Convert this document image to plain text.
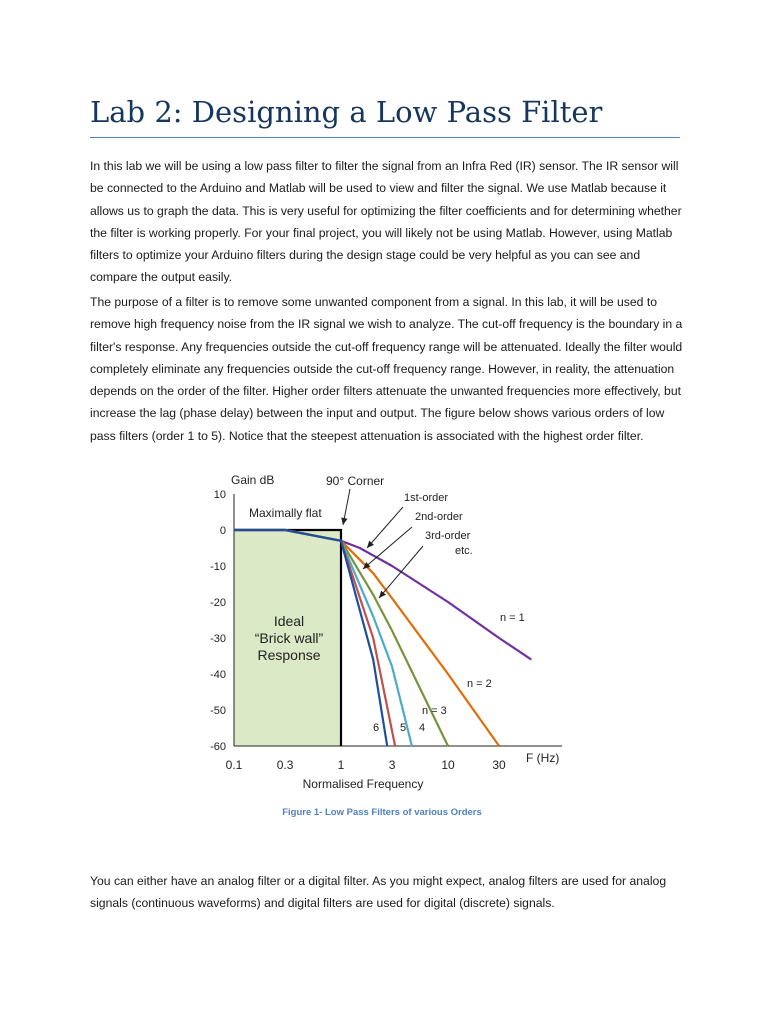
Lab 2: Designing a Low Pass Filter

In this lab we will be using a low pass filter to filter the signal from an Infra Red (IR) sensor. The IR sensor will be connected to the Arduino and Matlab will be used to view and filter the signal. We use Matlab because it allows us to graph the data. This is very useful for optimizing the filter coefficients and for determining whether the filter is working properly. For your final project, you will likely not be using Matlab. However, using Matlab filters to optimize your Arduino filters during the design stage could be very helpful as you can see and compare the output easily.

The purpose of a filter is to remove some unwanted component from a signal. In this lab, it will be used to remove high frequency noise from the IR signal we wish to analyze. The cut-off frequency is the boundary in a filter's response. Any frequencies outside the cut-off frequency range will be attenuated. Ideally the filter would completely eliminate any frequencies outside the cut-off frequency range. However, in reality, the attenuation depends on the order of the filter. Higher order filters attenuate the unwanted frequencies more effectively, but increase the lag (phase delay) between the input and output. The figure below shows various orders of low pass filters (order 1 to 5). Notice that the steepest attenuation is associated with the highest order filter.

10
0
-10
-20
-30
-40
-50
-60
0.1	0.3	1	3	10	30
Gain dB
Normalised Frequency
F (Hz)
Maximally flat
90° Corner
Ideal
“Brick wall”
Response
n = 1
n = 2
n = 3
4
5
6
1st-order
2nd-order
3rd-order
etc.

Figure 1- Low Pass Filters of various Orders

You can either have an analog filter or a digital filter. As you might expect, analog filters are used for analog signals (continuous waveforms) and digital filters are used for digital (discrete) signals.
